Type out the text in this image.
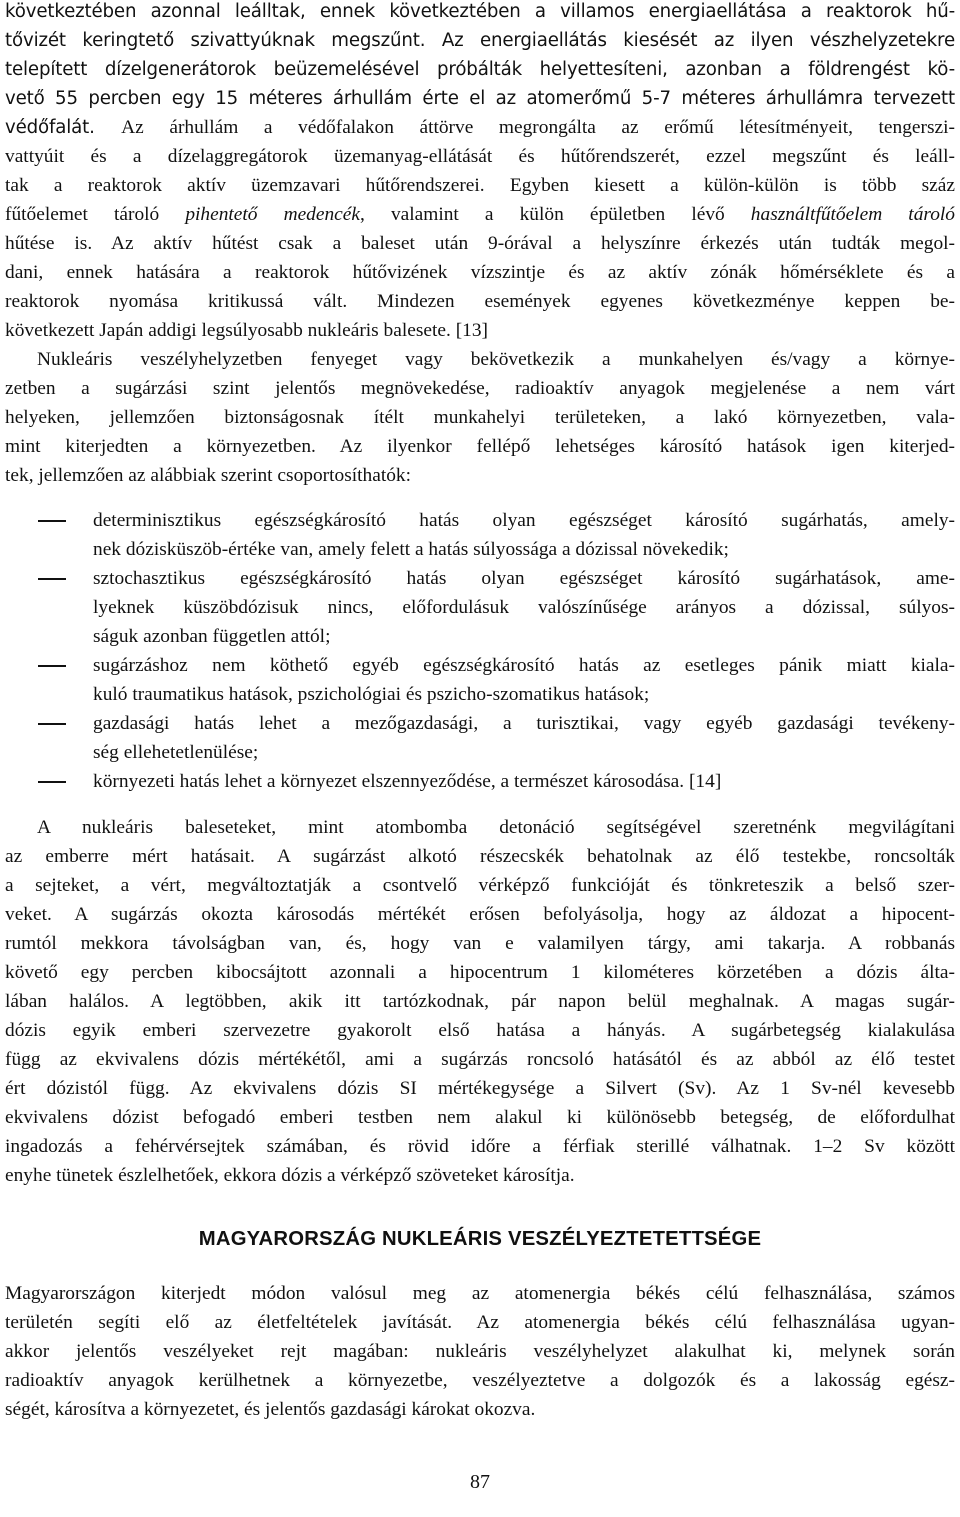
következtében azonnal leálltak, ennek következtében a villamos energiaellátása a reaktorok hű-
tővizét keringtető szivattyúknak megszűnt. Az energiaellátás kiesését az ilyen vészhelyzetekre
telepített dízelgenerátorok beüzemelésével próbálták helyettesíteni, azonban a földrengést kö-
vető 55 percben egy 15 méteres árhullám érte el az atomerőmű 5-7 méteres árhullámra tervezett
védőfalát. Az árhullám a védőfalakon áttörve megrongálta az erőmű létesítményeit, tengerszi-
vattyúit és a dízelaggregátorok üzemanyag-ellátását és hűtőrendszerét, ezzel megszűnt és leáll-
tak a reaktorok aktív üzemzavari hűtőrendszerei. Egyben kiesett a külön-külön is több száz
fűtőelemet tároló pihentető medencék, valamint a külön épületben lévő használtfűtőelem tároló
hűtése is. Az aktív hűtést csak a baleset után 9-órával a helyszínre érkezés után tudták megol-
dani, ennek hatására a reaktorok hűtővizének vízszintje és az aktív zónák hőmérséklete és a
reaktorok nyomása kritikussá vált. Mindezen események egyenes következménye keppen be-
következett Japán addigi legsúlyosabb nukleáris balesete. [13]
Nukleáris veszélyhelyzetben fenyeget vagy bekövetkezik a munkahelyen és/vagy a környe-
zetben a sugárzási szint jelentős megnövekedése, radioaktív anyagok megjelenése a nem várt
helyeken, jellemzően biztonságosnak ítélt munkahelyi területeken, a lakó környezetben, vala-
mint kiterjedten a környezetben. Az ilyenkor fellépő lehetséges károsító hatások igen kiterjed-
tek, jellemzően az alábbiak szerint csoportosíthatók:
determinisztikus egészségkárosító hatás olyan egészséget károsító sugárhatás, amely-
nek dózisküszöb-értéke van, amely felett a hatás súlyossága a dózissal növekedik;
sztochasztikus egészségkárosító hatás olyan egészséget károsító sugárhatások, ame-
lyeknek küszöbdózisuk nincs, előfordulásuk valószínűsége arányos a dózissal, súlyos-
ságuk azonban független attól;
sugárzáshoz nem köthető egyéb egészségkárosító hatás az esetleges pánik miatt kiala-
kuló traumatikus hatások, pszichológiai és pszicho-szomatikus hatások;
gazdasági hatás lehet a mezőgazdasági, a turisztikai, vagy egyéb gazdasági tevékeny-
ség ellehetetlenülése;
környezeti hatás lehet a környezet elszennyeződése, a természet károsodása. [14]
A nukleáris baleseteket, mint atombomba detonáció segítségével szeretnénk megvilágítani
az emberre mért hatásait. A sugárzást alkotó részecskék behatolnak az élő testekbe, roncsolták
a sejteket, a vért, megváltoztatják a csontvelő vérképző funkcióját és tönkreteszik a belső szer-
veket. A sugárzás okozta károsodás mértékét erősen befolyásolja, hogy az áldozat a hipocent-
rumtól mekkora távolságban van, és, hogy van e valamilyen tárgy, ami takarja. A robbanás
követő egy percben kibocsájtott azonnali a hipocentrum 1 kilométeres körzetében a dózis álta-
lában halálos. A legtöbben, akik itt tartózkodnak, pár napon belül meghalnak. A magas sugár-
dózis egyik emberi szervezetre gyakorolt első hatása a hányás. A sugárbetegség kialakulása
függ az ekvivalens dózis mértékétől, ami a sugárzás roncsoló hatásától és az abból az élő testet
ért dózistól függ. Az ekvivalens dózis SI mértékegysége a Silvert (Sv). Az 1 Sv-nél kevesebb
ekvivalens dózist befogadó emberi testben nem alakul ki különösebb betegség, de előfordulhat
ingadozás a fehérvérsejtek számában, és rövid időre a férfiak sterillé válhatnak. 1–2 Sv között
enyhe tünetek észlelhetőek, ekkora dózis a vérképző szöveteket károsítja.
MAGYARORSZÁG NUKLEÁRIS VESZÉLYEZTETETTSÉGE
Magyarországon kiterjedt módon valósul meg az atomenergia békés célú felhasználása, számos
területén segíti elő az életfeltételek javítását. Az atomenergia békés célú felhasználása ugyan-
akkor jelentős veszélyeket rejt magában: nukleáris veszélyhelyzet alakulhat ki, melynek során
radioaktív anyagok kerülhetnek a környezetbe, veszélyeztetve a dolgozók és a lakosság egész-
ségét, károsítva a környezetet, és jelentős gazdasági károkat okozva.
87
